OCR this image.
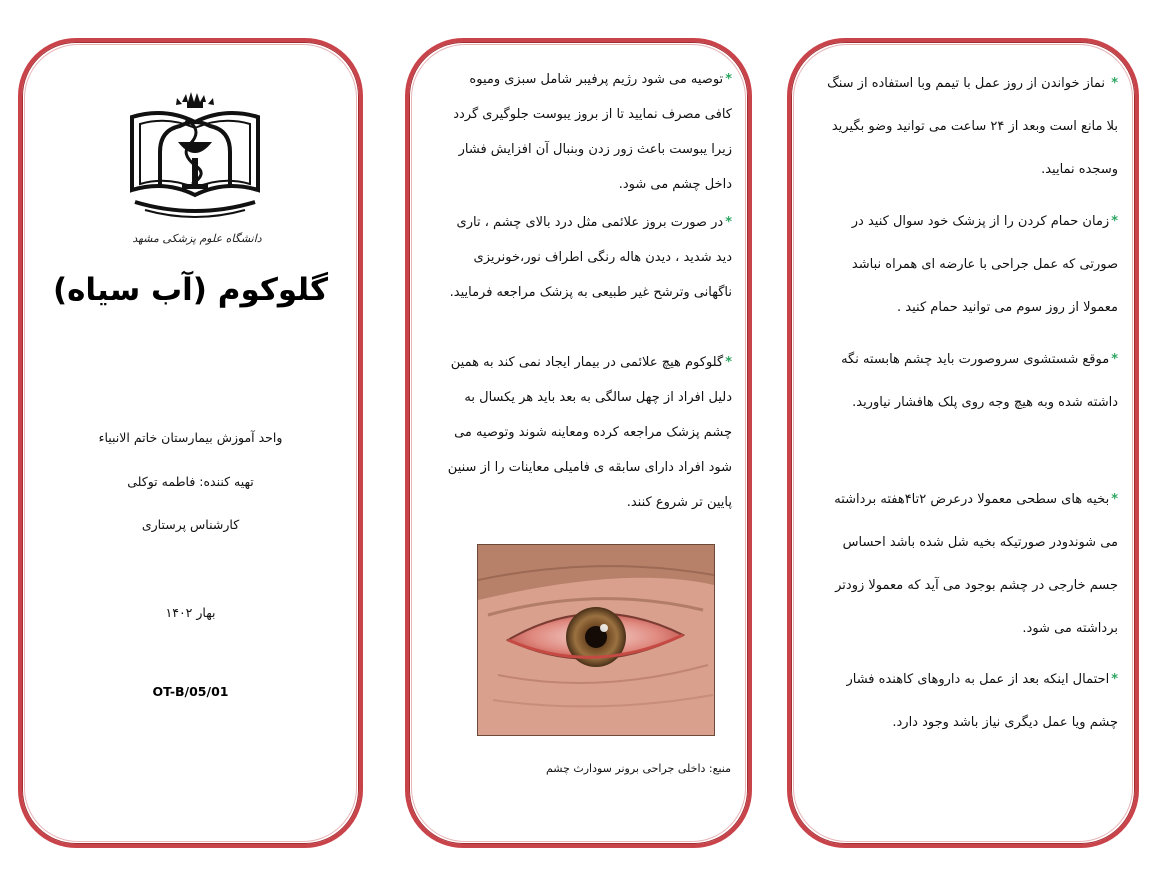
دانشگاه علوم پزشکی مشهد
گلوکوم (آب سیاه)
واحد آموزش بیمارستان خاتم الانبیاء
تهیه کننده: فاطمه توکلی
کارشناس پرستاری
بهار ۱۴۰۲
OT-B/05/01
*توصیه می شود رژیم پرفیبر شامل سبزی ومیوه کافی مصرف نمایید تا از بروز یبوست جلوگیری گردد زیرا یبوست باعث زور زدن وبنبال آن افزایش فشار داخل چشم می شود.
*در صورت بروز علائمی مثل درد بالای چشم ، تاری دید شدید ، دیدن هاله رنگی اطراف نور،خونریزی ناگهانی وترشح غیر طبیعی به پزشک مراجعه فرمایید.
*گلوکوم هیچ علائمی در بیمار ایجاد نمی کند به همین دلیل افراد از چهل سالگی به بعد باید هر یکسال به چشم پزشک مراجعه کرده ومعاینه شوند وتوصیه می شود افراد دارای سابقه ی فامیلی معاینات را از سنین پایین تر شروع کنند.
منبع: داخلی جراحی برونر سودارث چشم
* نماز خواندن از روز عمل با تیمم وبا استفاده از سنگ بلا مانع است وبعد از ۲۴ ساعت می توانید وضو بگیرید وسجده نمایید.
*زمان حمام کردن را از پزشک خود سوال کنید در صورتی که عمل جراحی با عارضه ای همراه نباشد معمولا از روز سوم می توانید حمام کنید .
*موقع شستشوی سروصورت باید چشم هابسته نگه داشته شده وبه هیچ وجه روی پلک هافشار نیاورید.
*بخیه های سطحی معمولا درعرض ۲تا۴هفته برداشته می شوندودر صورتیکه بخیه شل شده باشد احساس جسم خارجی در چشم بوجود می آید که معمولا زودتر برداشته می شود.
*احتمال اینکه بعد از عمل به داروهای کاهنده فشار چشم ویا عمل دیگری نیاز باشد وجود دارد.
